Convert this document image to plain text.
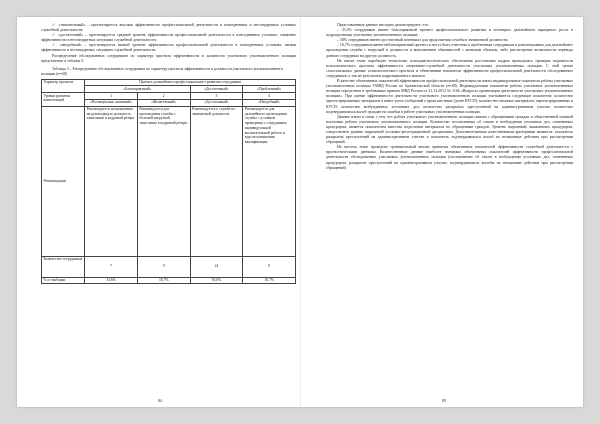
✓ «значительный» – прогнозируется высокая эффективность профессиональной деятельности в повседневных и нестандартных условиях служебной деятельности;

✓ «достаточный» – прогнозируется средний уровень эффективности профессиональной деятельности в повседневных условиях, снижение эффективности в нестандартных ситуациях служебной деятельности;

✓ «неодобный» – прогнозируется низкий уровень эффективности профессиональной деятельности в повседневных условиях, низкая эффективность в нестандартных ситуациях служебной деятельности.

Распределение обследованных сотрудников по характеру прогноза эффективности и должности участкового уполномоченного полиции представлено в таблице 3.

Таблица 3 – Распределение обследованных сотрудников по характеру прогноза эффективности в должности участкового уполномоченного полиции (n=48)
Характер прогноза	Прогноз дальнейшего профессионального развития сотрудников			
	«Благоприятный»		«Достаточный»	«Проблемный»
Уровни развития компетенций	1	2	3	4
	«Потенциально активный»	«Желательный»	«Достаточный»	«Неодобный»
Рекомендации	Рекомендуется на назначение на руководящую должность, зачисление в кадровый резерв.	Рекомендуется для прохождения службы с большей нагрузкой, зачисление в кадровый резерв.	Рекомендуется к службе по занимаемой должности.	Рекомендуется для дальнейшего прохождения службы с условием проведения с сотрудником индивидуальной воспитательной работы и курсов повышения квалификации.
Количество сотрудников	7	9	24	8
% от выборки	14,6%	18,7%	50,0%	16,7%
84

Представленные данные наглядно демонстрируют, что:

– 33,3% сотрудников имеют благоприятный прогноз профессионального развития и потенциал дальнейшего карьерного роста в подразделениях участковых уполномоченных полиции;

– 50% сотрудников имеют достаточный потенциал для продолжения службы в занимаемой должности;

– 16,7% сотрудников имеют неблагоприятный прогноз и могут быть отнесены к проблемным сотрудникам и рекомендованы для дальнейшего прохождения службы с нагрузкой в должности и выполнением обязанностей с меньшим объемом, либо рассмотрение возможности перевода данного сотрудника на другую должность.

На пятом этапе апробации технологии психодиагностического обеспечения расстановки кадров проводилась проверка надежности психологического прогноза эффективности оперативно-служебной деятельности участковых уполномоченных полиции. С этой целью сопоставлялись данные психологического прогноза и объективные показатели эффективности профессиональной деятельности обследованных сотрудников, а так же результаты корреляционного анализа.

В качестве объективных показателей эффективности профессиональной деятельности взяты индивидуальные показатели работы участковых уполномоченных полиции УМВД России по Архангельской области (n=48). Индивидуальные показатели работы участковых уполномоченных полиции определены в требованиях приказа МВД России от 31.12.2012 № 1166 «Вопросы организации деятельности участковых уполномоченных полиции». При оценке эффективности деятельности участкового уполномоченного полиции учитываются следующие показатели: количество зарегистрированных материалов в книге учета сообщений о происшествиях (далее КУСП); количество отказных материалов, зарегистрированных в КУСП; количество возбужденных уголовных дел; количество раскрытых преступлений на административном участке; количество подтвердившихся жалоб граждан на ошибки в работе участковых уполномоченных полиции.

Данные взяты в связи с тем, что работа участкового уполномоченного полиции связана с обращениями граждан и общественной оценкой населения работы участкового уполномоченного полиции. Количество поставленных об отказе в возбуждении уголовных дел, отмененных прокурором, является показателем качества подготовки материалов по обращениям граждан. Уровень нарушений, выявленных прокурором, тождественен уровню нарушений уголовно-регистрационной дисциплины. Дополнительными качественными критериями являются: показатель раскрытия преступлений на административном участке и показатель подтвердившихся жалоб на незаконные действия при рассмотрении обращений.

На шестом этапе проведено сравнительный анализ принятых объективных показателей эффективности служебной деятельности с прогностическими данными. Количественные данные наиболее значимых объективных показателей эффективности профессиональной деятельности обследованных участковых уполномоченных полиции (поставленные об отказе в возбуждении уголовных дел, отмененных прокурором, раскрытие преступлений на административном участке, подтвердившиеся жалобы на незаконные действия при рассмотрении обращений)

85
